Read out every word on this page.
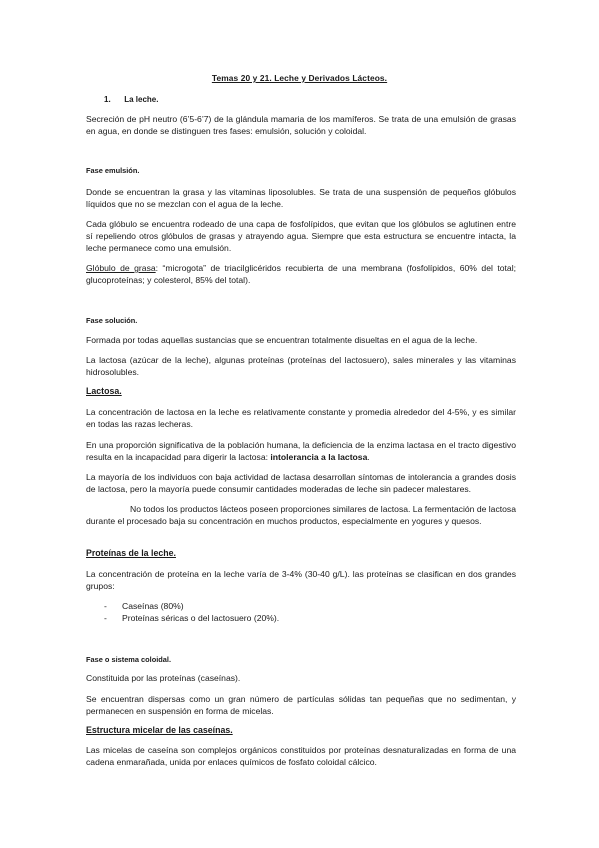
Temas 20 y 21. Leche y Derivados Lácteos.
1. La leche.

Secreción de pH neutro (6’5-6’7) de la glándula mamaria de los mamíferos. Se trata de una emulsión de grasas en agua, en donde se distinguen tres fases: emulsión, solución y coloidal.

Fase emulsión.

Donde se encuentran la grasa y las vitaminas liposolubles. Se trata de una suspensión de pequeños glóbulos líquidos que no se mezclan con el agua de la leche.

Cada glóbulo se encuentra rodeado de una capa de fosfolípidos, que evitan que los glóbulos se aglutinen entre sí repeliendo otros glóbulos de grasas y atrayendo agua. Siempre que esta estructura se encuentre intacta, la leche permanece como una emulsión.

Glóbulo de grasa: “microgota” de triacilglicéridos recubierta de una membrana (fosfolípidos, 60% del total; glucoproteínas; y colesterol, 85% del total).

Fase solución.

Formada por todas aquellas sustancias que se encuentran totalmente disueltas en el agua de la leche.

La lactosa (azúcar de la leche), algunas proteínas (proteínas del lactosuero), sales minerales y las vitaminas hidrosolubles.

Lactosa.

La concentración de lactosa en la leche es relativamente constante y promedia alrededor del 4-5%, y es similar en todas las razas lecheras.

En una proporción significativa de la población humana, la deficiencia de la enzima lactasa en el tracto digestivo resulta en la incapacidad para digerir la lactosa: intolerancia a la lactosa.

La mayoría de los individuos con baja actividad de lactasa desarrollan síntomas de intolerancia a grandes dosis de lactosa, pero la mayoría puede consumir cantidades moderadas de leche sin padecer malestares.

No todos los productos lácteos poseen proporciones similares de lactosa. La fermentación de lactosa durante el procesado baja su concentración en muchos productos, especialmente en yogures y quesos.

Proteínas de la leche.

La concentración de proteína en la leche varía de 3-4% (30-40 g/L). las proteínas se clasifican en dos grandes grupos:

- Caseínas (80%)
- Proteínas séricas o del lactosuero (20%).
Fase o sistema coloidal.

Constituida por las proteínas (caseínas).

Se encuentran dispersas como un gran número de partículas sólidas tan pequeñas que no sedimentan, y permanecen en suspensión en forma de micelas.

Estructura micelar de las caseínas.

Las micelas de caseína son complejos orgánicos constituidos por proteínas desnaturalizadas en forma de una cadena enmarañada, unida por enlaces químicos de fosfato coloidal cálcico.
